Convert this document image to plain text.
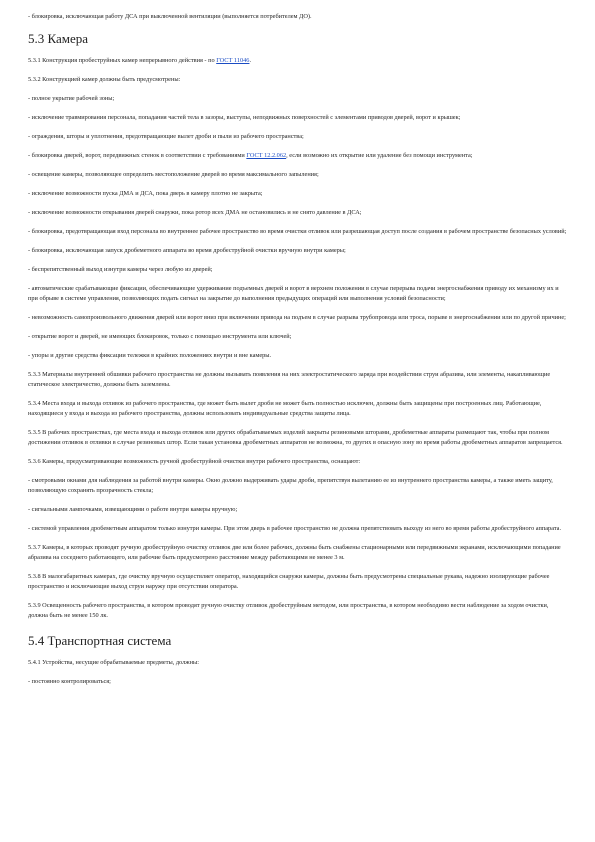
- блокировка, исключающая работу ДСА при выключенной вентиляции (выполняется потребителем ДО).

5.3 Камера

5.3.1 Конструкция пробеструйных камер непрерывного действия - по ГОСТ 11046.

5.3.2 Конструкцией камер должны быть предусмотрены:

- полное укрытие рабочей зоны;

- исключение травмирования персонала, попадания частей тела в зазоры, выступы, неподвижных поверхностей с элементами приводов дверей, ворот и крышек;

- ограждения, шторы и уплотнения, предотвращающие вылет дроби и пыли из рабочего пространства;

- блокировка дверей, ворот, передвижных стенок в соответствии с требованиями ГОСТ 12.2.062, если возможно их открытие или удаление без помощи инструмента;

- освещение камеры, позволяющее определить местоположение дверей во время максимального запыления;

- исключение возможности пуска ДМА и ДСА, пока дверь в камеру плотно не закрыта;

- исключение возможности открывания дверей снаружи, пока ротор всех ДМА не остановились и не снято давление в ДСА;

- блокировка, предотвращающая вход персонала во внутреннее рабочее пространство во время очистки отливок или разрешающая доступ после создания в рабочем пространстве безопасных условий;

- блокировка, исключающая запуск дробеметного аппарата во время дробеструйной очистки вручную внутри камеры;

- беспрепятственный выход изнутри камеры через любую из дверей;

- автоматические срабатывающие фиксации, обеспечивающие удерживание подъемных дверей и ворот в верхнем положении в случае перерыва подачи энергоснабжения приводу их механизму их и при обрыве в системе управления, позволяющих подать сигнал на закрытие до выполнения предыдущих операций или выполнения условий безопасности;

- невозможность самопроизвольного движения дверей или ворот вниз при включении привода на подъем в случае разрыва трубопровода или троса, порыве в энергоснабжении или по другой причине;

- открытие ворот и дверей, не имеющих блокировок, только с помощью инструмента или ключей;

- упоры и другие средства фиксации тележки в крайних положениях внутри и вне камеры.

5.3.3 Материалы внутренней обшивки рабочего пространства не должны вызывать появления на них электростатического заряда при воздействии струи абразива, или элементы, накапливающие статическое электричество, должны быть заземлены.

5.3.4 Места входа и выхода отливок из рабочего пространства, где может быть вылет дроби не может быть полностью исключен, должны быть защищены при построенных лиц. Работающие, находящиеся у входа и выхода из рабочего пространства, должны использовать индивидуальные средства защиты лица.

5.3.5 В рабочих пространствах, где места входа и выхода отливок или других обрабатываемых изделий закрыты резиновыми шторами, дробеметные аппараты размещают так, чтобы при полном достижении отливок в отливки в случае резиновых штор. Если такая установка дробеметных аппаратов не возможна, то других в опасную зону во время работы дробеметных аппаратов запрещается.

5.3.6 Камеры, предусматривающие возможность ручной дробеструйной очистки внутри рабочего пространства, оснащают:

- смотровыми окнами для наблюдения за работой внутри камеры. Окно должно выдерживать удары дроби, препятствуя вылетанию ее из внутреннего пространства камеры, а также иметь защиту, позволяющую сохранять прозрачность стекла;

- сигнальными лампочками, извещающими о работе внутри камеры вручную;

- системой управления дробеметным аппаратом только изнутри камеры. При этом дверь в рабочее пространство не должна препятствовать выходу из него во время работы дробеструйного аппарата.

5.3.7 Камеры, в которых проводят ручную дробеструйную очистку отливок две или более рабочих, должны быть снабжены стационарными или передвижными экранами, исключающими попадание абразива на соседнего работающего, или рабочие быть предусмотрено расстояние между работающими не менее 3 м.

5.3.8 В малогабаритных камерах, где очистку вручную осуществляет оператор, находящийся снаружи камеры, должны быть предусмотрены специальные рукава, надежно изолирующие рабочее пространство и исключающие выход струи наружу при отсутствии оператора.

5.3.9 Освещенность рабочего пространства, в котором проводят ручную очистку отливок дробеструйным методом, или пространства, в котором необходимо вести наблюдение за ходом очистки, должна быть не менее 150 лк.

5.4 Транспортная система

5.4.1 Устройства, несущие обрабатываемые предметы, должны:

- постоянно контролироваться;
